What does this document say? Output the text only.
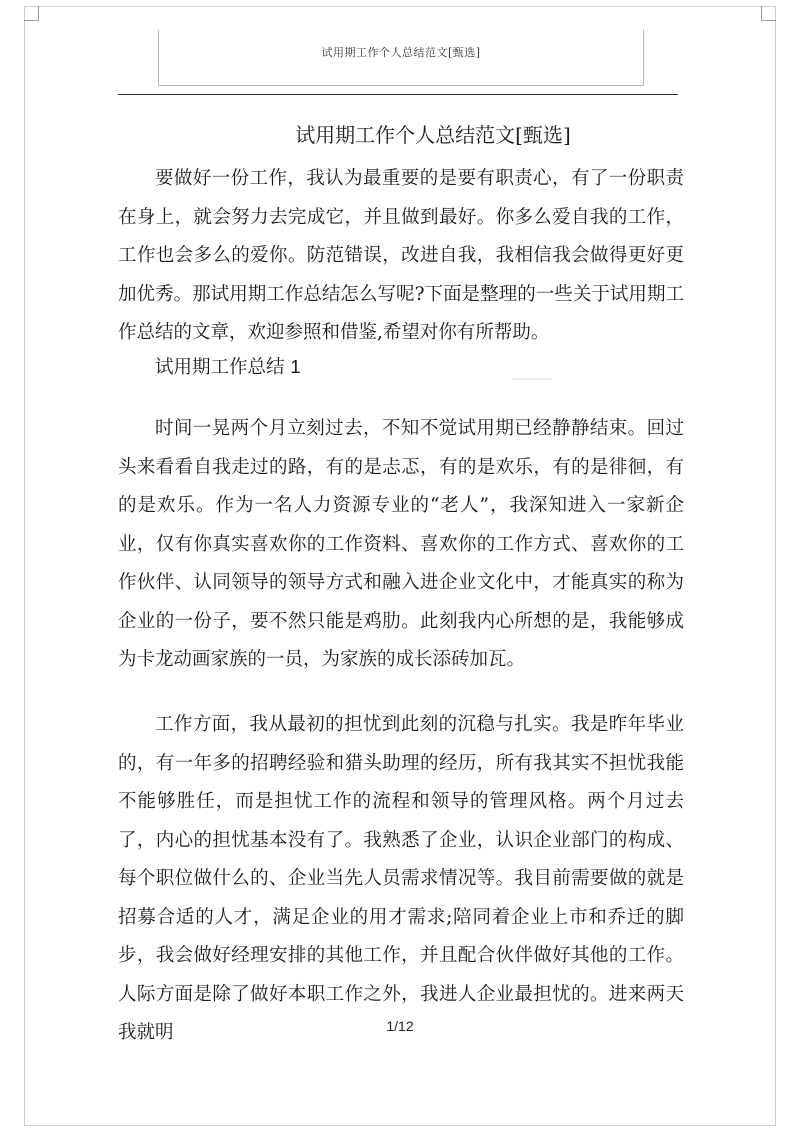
试用期工作个人总结范文[甄选]
试用期工作个人总结范文[甄选]

要做好一份工作，我认为最重要的是要有职责心，有了一份职责在身上，就会努力去完成它，并且做到最好。你多么爱自我的工作，工作也会多么的爱你。防范错误，改进自我，我相信我会做得更好更加优秀。那试用期工作总结怎么写呢?下面是整理的一些关于试用期工作总结的文章，欢迎参照和借鉴,希望对你有所帮助。

试用期工作总结 1

时间一晃两个月立刻过去，不知不觉试用期已经静静结束。回过头来看看自我走过的路，有的是忐忑，有的是欢乐，有的是徘徊，有的是欢乐。作为一名人力资源专业的“老人”，我深知进入一家新企业，仅有你真实喜欢你的工作资料、喜欢你的工作方式、喜欢你的工作伙伴、认同领导的领导方式和融入进企业文化中，才能真实的称为企业的一份子，要不然只能是鸡肋。此刻我内心所想的是，我能够成为卡龙动画家族的一员，为家族的成长添砖加瓦。

工作方面，我从最初的担忧到此刻的沉稳与扎实。我是昨年毕业的，有一年多的招聘经验和猎头助理的经历，所有我其实不担忧我能不能够胜任，而是担忧工作的流程和领导的管理风格。两个月过去了，内心的担忧基本没有了。我熟悉了企业，认识企业部门的构成、每个职位做什么的、企业当先人员需求情况等。我目前需要做的就是招募合适的人才，满足企业的用才需求;陪同着企业上市和乔迁的脚步，我会做好经理安排的其他工作，并且配合伙伴做好其他的工作。人际方面是除了做好本职工作之外，我进人企业最担忧的。进来两天我就明	1/12
